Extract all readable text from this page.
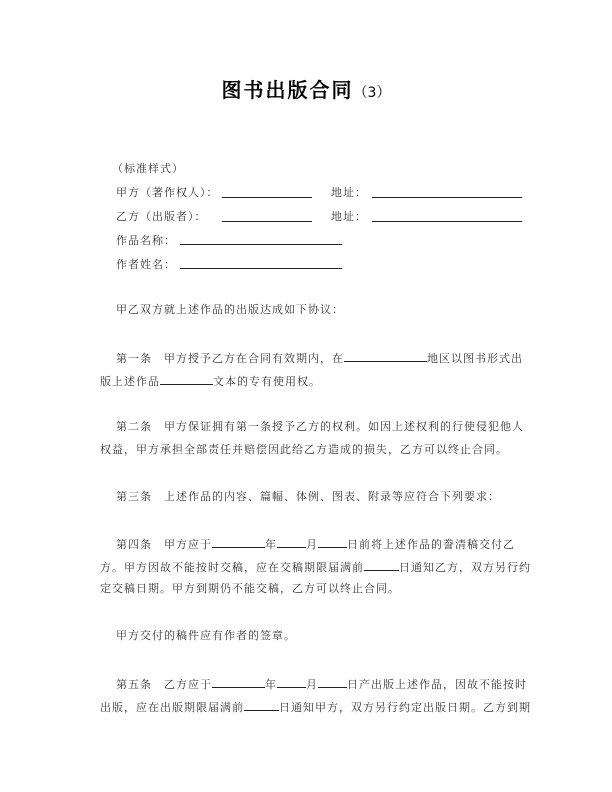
图书出版合同（3）
（标准样式）
甲方（著作权人）：	地址：
乙方（出版者）：	地址：
作品名称：
作者姓名：
甲乙双方就上述作品的出版达成如下协议：
第一条　甲方授予乙方在合同有效期内，在	地区以图书形式出
版上述作品	文本的专有使用权。
第二条　甲方保证拥有第一条授予乙方的权利。如因上述权利的行使侵犯他人
权益，甲方承担全部责任并赔偿因此给乙方造成的损失，乙方可以终止合同。
第三条　上述作品的内容、篇幅、体例、图表、附录等应符合下列要求：
第四条　甲方应于	年	月	日前将上述作品的誊清稿交付乙
方。甲方因故不能按时交稿，应在交稿期限届满前	日通知乙方，双方另行约
定交稿日期。甲方到期仍不能交稿，乙方可以终止合同。
甲方交付的稿件应有作者的签章。
第五条　乙方应于	年	月	日产出版上述作品，因故不能按时
出版，应在出版期限届满前	日通知甲方，双方另行约定出版日期。乙方到期
